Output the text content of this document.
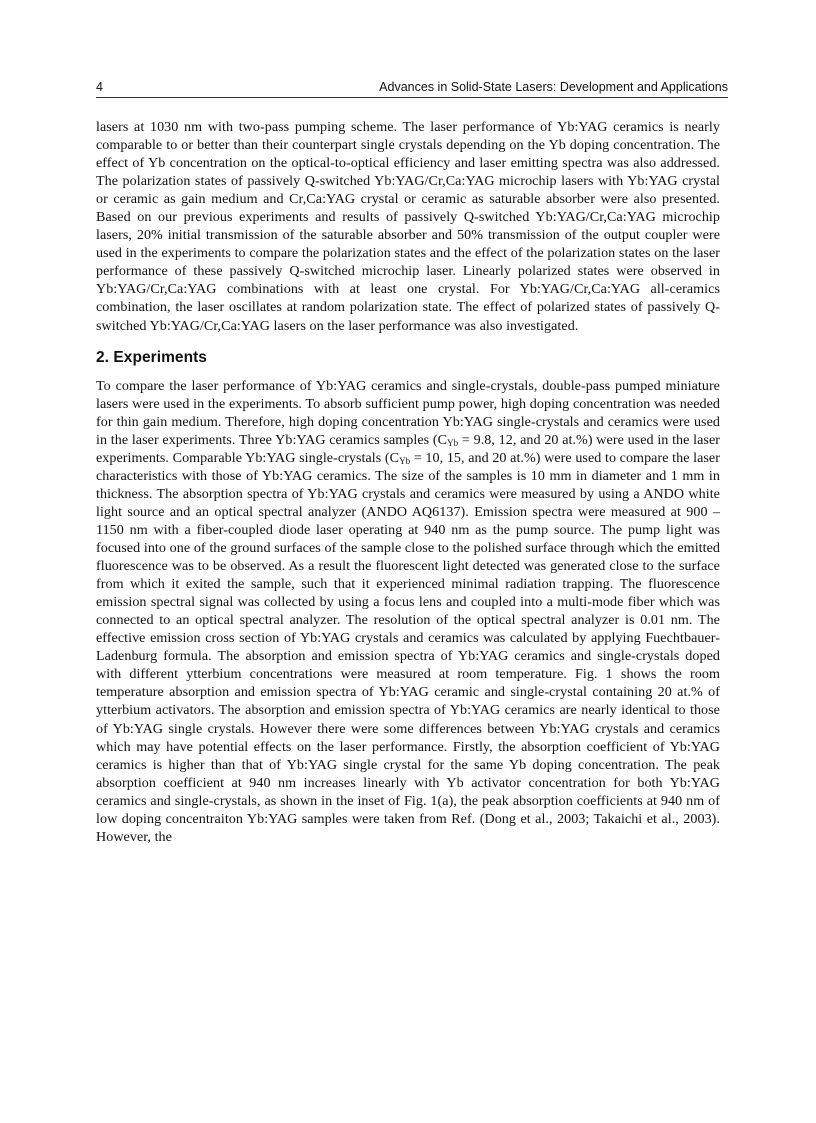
4	Advances in Solid-State Lasers: Development and Applications

lasers at 1030 nm with two-pass pumping scheme. The laser performance of Yb:YAG ceramics is nearly comparable to or better than their counterpart single crystals depending on the Yb doping concentration. The effect of Yb concentration on the optical-to-optical efficiency and laser emitting spectra was also addressed. The polarization states of passively Q-switched Yb:YAG/Cr,Ca:YAG microchip lasers with Yb:YAG crystal or ceramic as gain medium and Cr,Ca:YAG crystal or ceramic as saturable absorber were also presented. Based on our previous experiments and results of passively Q-switched Yb:YAG/Cr,Ca:YAG microchip lasers, 20% initial transmission of the saturable absorber and 50% transmission of the output coupler were used in the experiments to compare the polarization states and the effect of the polarization states on the laser performance of these passively Q-switched microchip laser. Linearly polarized states were observed in Yb:YAG/Cr,Ca:YAG combinations with at least one crystal. For Yb:YAG/Cr,Ca:YAG all-ceramics combination, the laser oscillates at random polarization state. The effect of polarized states of passively Q-switched Yb:YAG/Cr,Ca:YAG lasers on the laser performance was also investigated.

2. Experiments

To compare the laser performance of Yb:YAG ceramics and single-crystals, double-pass pumped miniature lasers were used in the experiments. To absorb sufficient pump power, high doping concentration was needed for thin gain medium. Therefore, high doping concentration Yb:YAG single-crystals and ceramics were used in the laser experiments. Three Yb:YAG ceramics samples ($C_{Yb} = 9.8$, 12, and 20 at.%) were used in the laser experiments. Comparable Yb:YAG single-crystals ($C_{Yb} = 10$, 15, and 20 at.%) were used to compare the laser characteristics with those of Yb:YAG ceramics. The size of the samples is 10 mm in diameter and 1 mm in thickness. The absorption spectra of Yb:YAG crystals and ceramics were measured by using a ANDO white light source and an optical spectral analyzer (ANDO AQ6137). Emission spectra were measured at 900 – 1150 nm with a fiber-coupled diode laser operating at 940 nm as the pump source. The pump light was focused into one of the ground surfaces of the sample close to the polished surface through which the emitted fluorescence was to be observed. As a result the fluorescent light detected was generated close to the surface from which it exited the sample, such that it experienced minimal radiation trapping. The fluorescence emission spectral signal was collected by using a focus lens and coupled into a multi-mode fiber which was connected to an optical spectral analyzer. The resolution of the optical spectral analyzer is 0.01 nm. The effective emission cross section of Yb:YAG crystals and ceramics was calculated by applying Fuechtbauer-Ladenburg formula. The absorption and emission spectra of Yb:YAG ceramics and single-crystals doped with different ytterbium concentrations were measured at room temperature. Fig. 1 shows the room temperature absorption and emission spectra of Yb:YAG ceramic and single-crystal containing 20 at.% of ytterbium activators. The absorption and emission spectra of Yb:YAG ceramics are nearly identical to those of Yb:YAG single crystals. However there were some differences between Yb:YAG crystals and ceramics which may have potential effects on the laser performance. Firstly, the absorption coefficient of Yb:YAG ceramics is higher than that of Yb:YAG single crystal for the same Yb doping concentration. The peak absorption coefficient at 940 nm increases linearly with Yb activator concentration for both Yb:YAG ceramics and single-crystals, as shown in the inset of Fig. 1(a), the peak absorption coefficients at 940 nm of low doping concentraiton Yb:YAG samples were taken from Ref. (Dong et al., 2003; Takaichi et al., 2003). However, the
